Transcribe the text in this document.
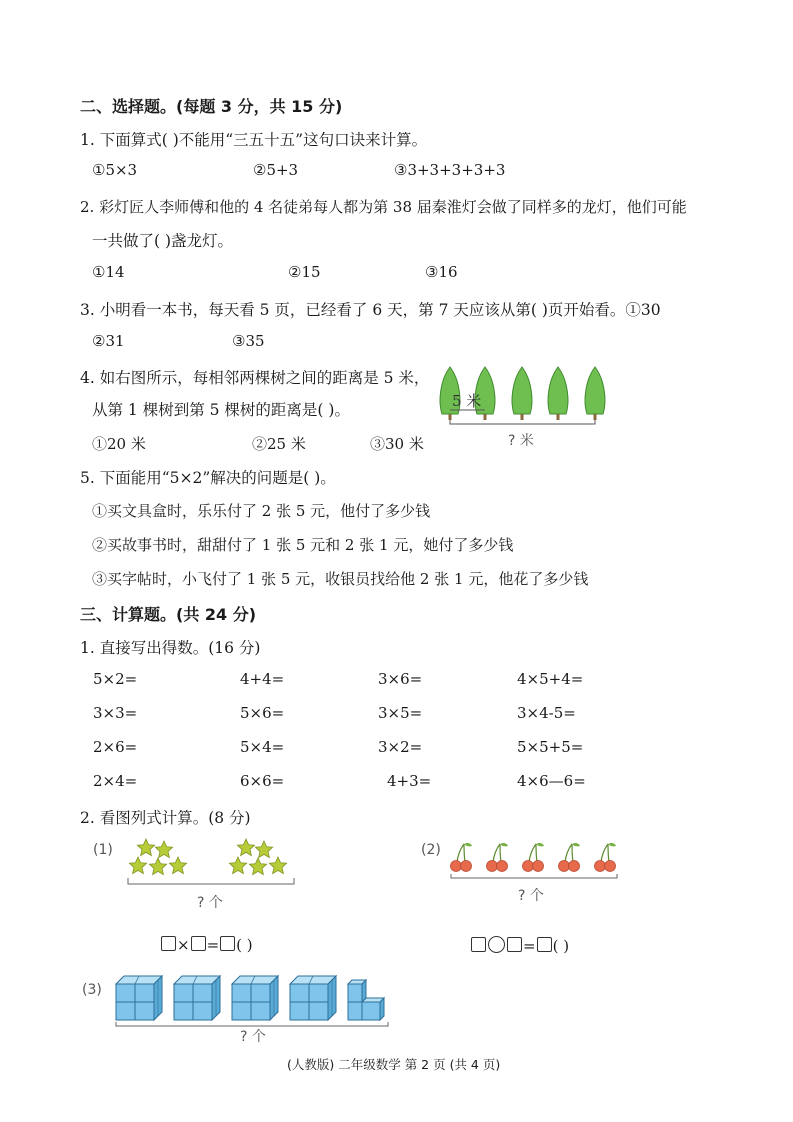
二、选择题。(每题 3 分，共 15 分)
1. 下面算式( )不能用“三五十五”这句口诀来计算。
①5×3	②5+3	③3+3+3+3+3
2. 彩灯匠人李师傅和他的 4 名徒弟每人都为第 38 届秦淮灯会做了同样多的龙灯，他们可能
一共做了( )盏龙灯。
①14	②15	③16
3. 小明看一本书，每天看 5 页，已经看了 6 天，第 7 天应该从第( )页开始看。①30
②31	③35
4. 如右图所示，每相邻两棵树之间的距离是 5 米，
从第 1 棵树到第 5 棵树的距离是( )。
①20 米	②25 米	③30 米
5 米
? 米
5. 下面能用“5×2”解决的问题是( )。
①买文具盒时，乐乐付了 2 张 5 元，他付了多少钱
②买故事书时，甜甜付了 1 张 5 元和 2 张 1 元，她付了多少钱
③买字帖时，小飞付了 1 张 5 元，收银员找给他 2 张 1 元，他花了多少钱
三、计算题。(共 24 分)
1. 直接写出得数。(16 分)
5×2=	4+4=	3×6=	4×5+4=
3×3=	5×6=	3×5=	3×4-5=
2×6=	5×4=	3×2=	5×5+5=
2×4=	6×6=	4+3=	4×6—6=
2. 看图列式计算。(8 分)
(1)
? 个
(2)
? 个
× = ( )	= ( )
(3)
? 个
(人教版) 二年级数学 第 2 页 (共 4 页)
